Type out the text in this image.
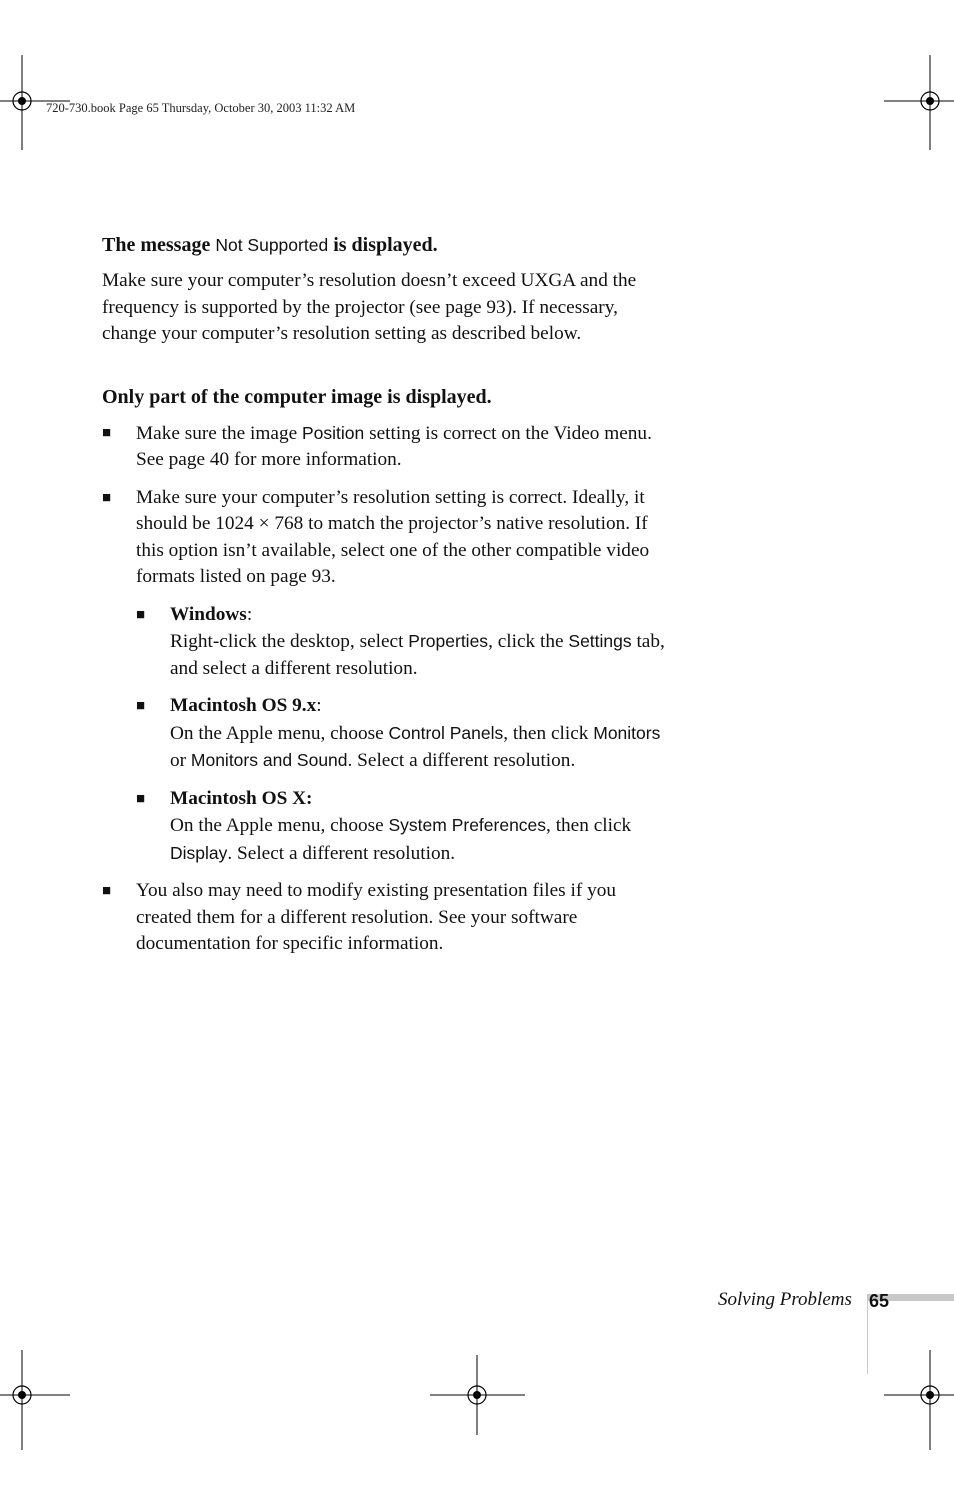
720-730.book Page 65 Thursday, October 30, 2003 11:32 AM
The message Not Supported is displayed.

Make sure your computer’s resolution doesn’t exceed UXGA and the frequency is supported by the projector (see page 93). If necessary, change your computer’s resolution setting as described below.

Only part of the computer image is displayed.
■ Make sure the image Position setting is correct on the Video menu. See page 40 for more information.
■ Make sure your computer’s resolution setting is correct. Ideally, it should be 1024 × 768 to match the projector’s native resolution. If this option isn’t available, select one of the other compatible video formats listed on page 93.
■ Windows:
Right-click the desktop, select Properties, click the Settings tab, and select a different resolution.
■ Macintosh OS 9.x:
On the Apple menu, choose Control Panels, then click Monitors or Monitors and Sound. Select a different resolution.
■ Macintosh OS X:
On the Apple menu, choose System Preferences, then click Display. Select a different resolution.
■ You also may need to modify existing presentation files if you created them for a different resolution. See your software documentation for specific information.
Solving Problems 65
